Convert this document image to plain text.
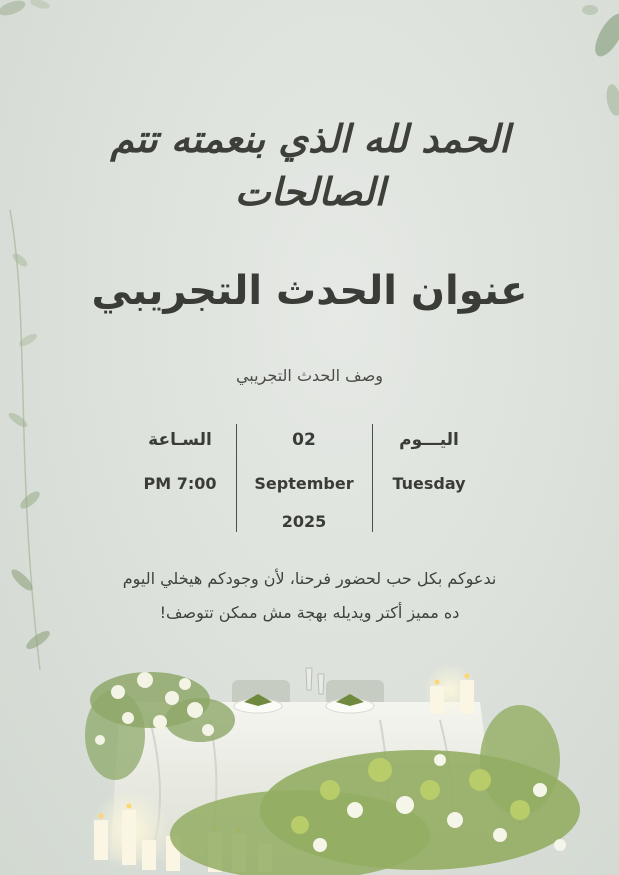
الحمد لله الذي بنعمته تتم الصالحات
عنوان الحدث التجريبي
وصف الحدث التجريبي
اليـــوم
Tuesday
02
September
2025
السـاعة
PM 7:00
ندعوكم بكل حب لحضور فرحنا، لأن وجودكم هيخلي اليوم
ده مميز أكتر ويديله بهجة مش ممكن تتوصف!
